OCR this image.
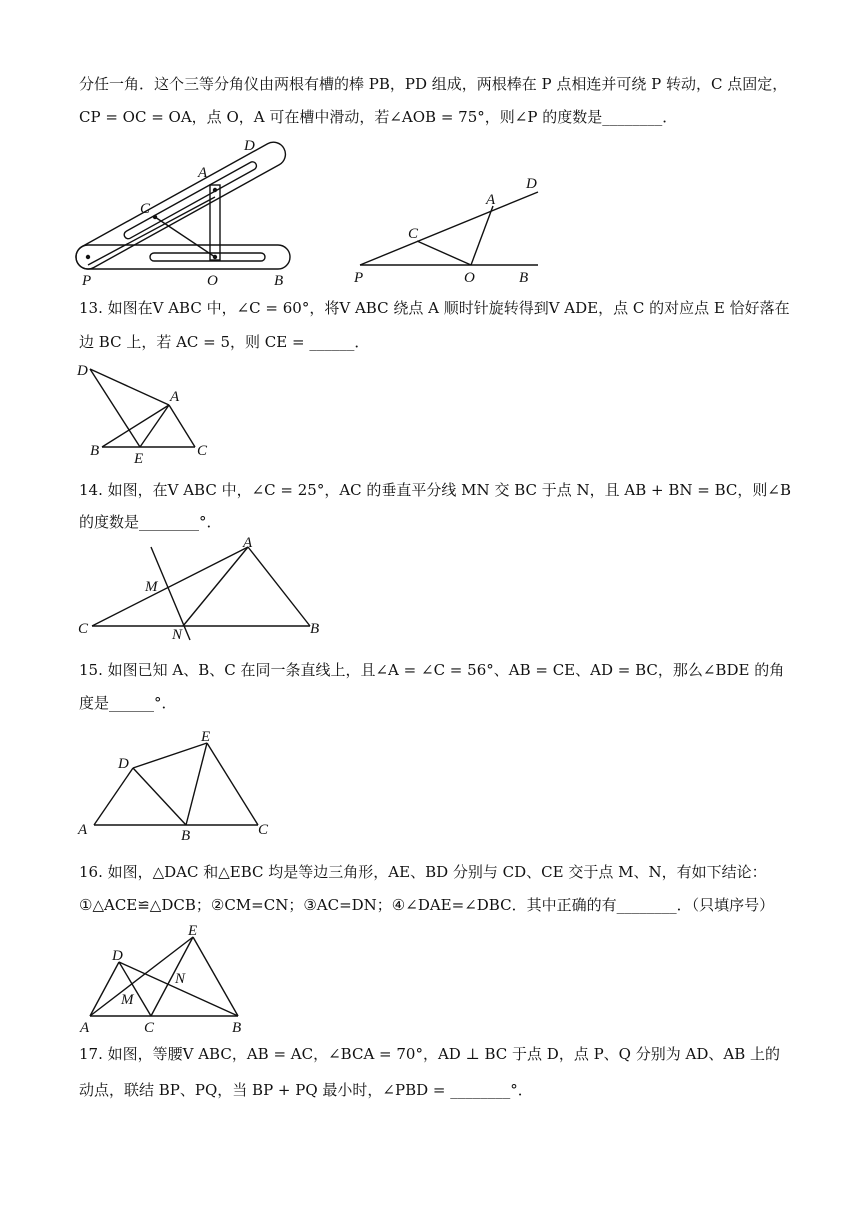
分任一角．这个三等分角仪由两根有槽的棒 PB，PD 组成，两根棒在 P 点相连并可绕 P 转动，C 点固定，
CP = OC = OA，点 O，A 可在槽中滑动，若∠AOB = 75°，则∠P 的度数是________．
13. 如图在V ABC 中，∠C = 60°，将V ABC 绕点 A 顺时针旋转得到V ADE，点 C 的对应点 E 恰好落在
边 BC 上，若 AC = 5，则 CE = ______．
14. 如图，在V ABC 中，∠C = 25°，AC 的垂直平分线 MN 交 BC 于点 N，且 AB + BN = BC，则∠B
的度数是________°．
15. 如图已知 A、B、C 在同一条直线上，且∠A = ∠C = 56°、AB = CE、AD = BC，那么∠BDE 的角
度是______°．
16. 如图，△DAC 和△EBC 均是等边三角形，AE、BD 分别与 CD、CE 交于点 M、N，有如下结论：
①△ACE≌△DCB；②CM=CN；③AC=DN；④∠DAE=∠DBC．其中正确的有________．（只填序号）
17. 如图，等腰V ABC，AB = AC，∠BCA = 70°，AD ⊥ BC 于点 D，点 P、Q 分别为 AD、AB 上的
动点，联结 BP、PQ，当 BP + PQ 最小时，∠PBD = ________°．
D
A
C
P	O	B
D
A
C
P	O	B
D
A
B E	C
A
M
C	N	B
E
D
A	B	C
E
D
N
M
A	C	B
